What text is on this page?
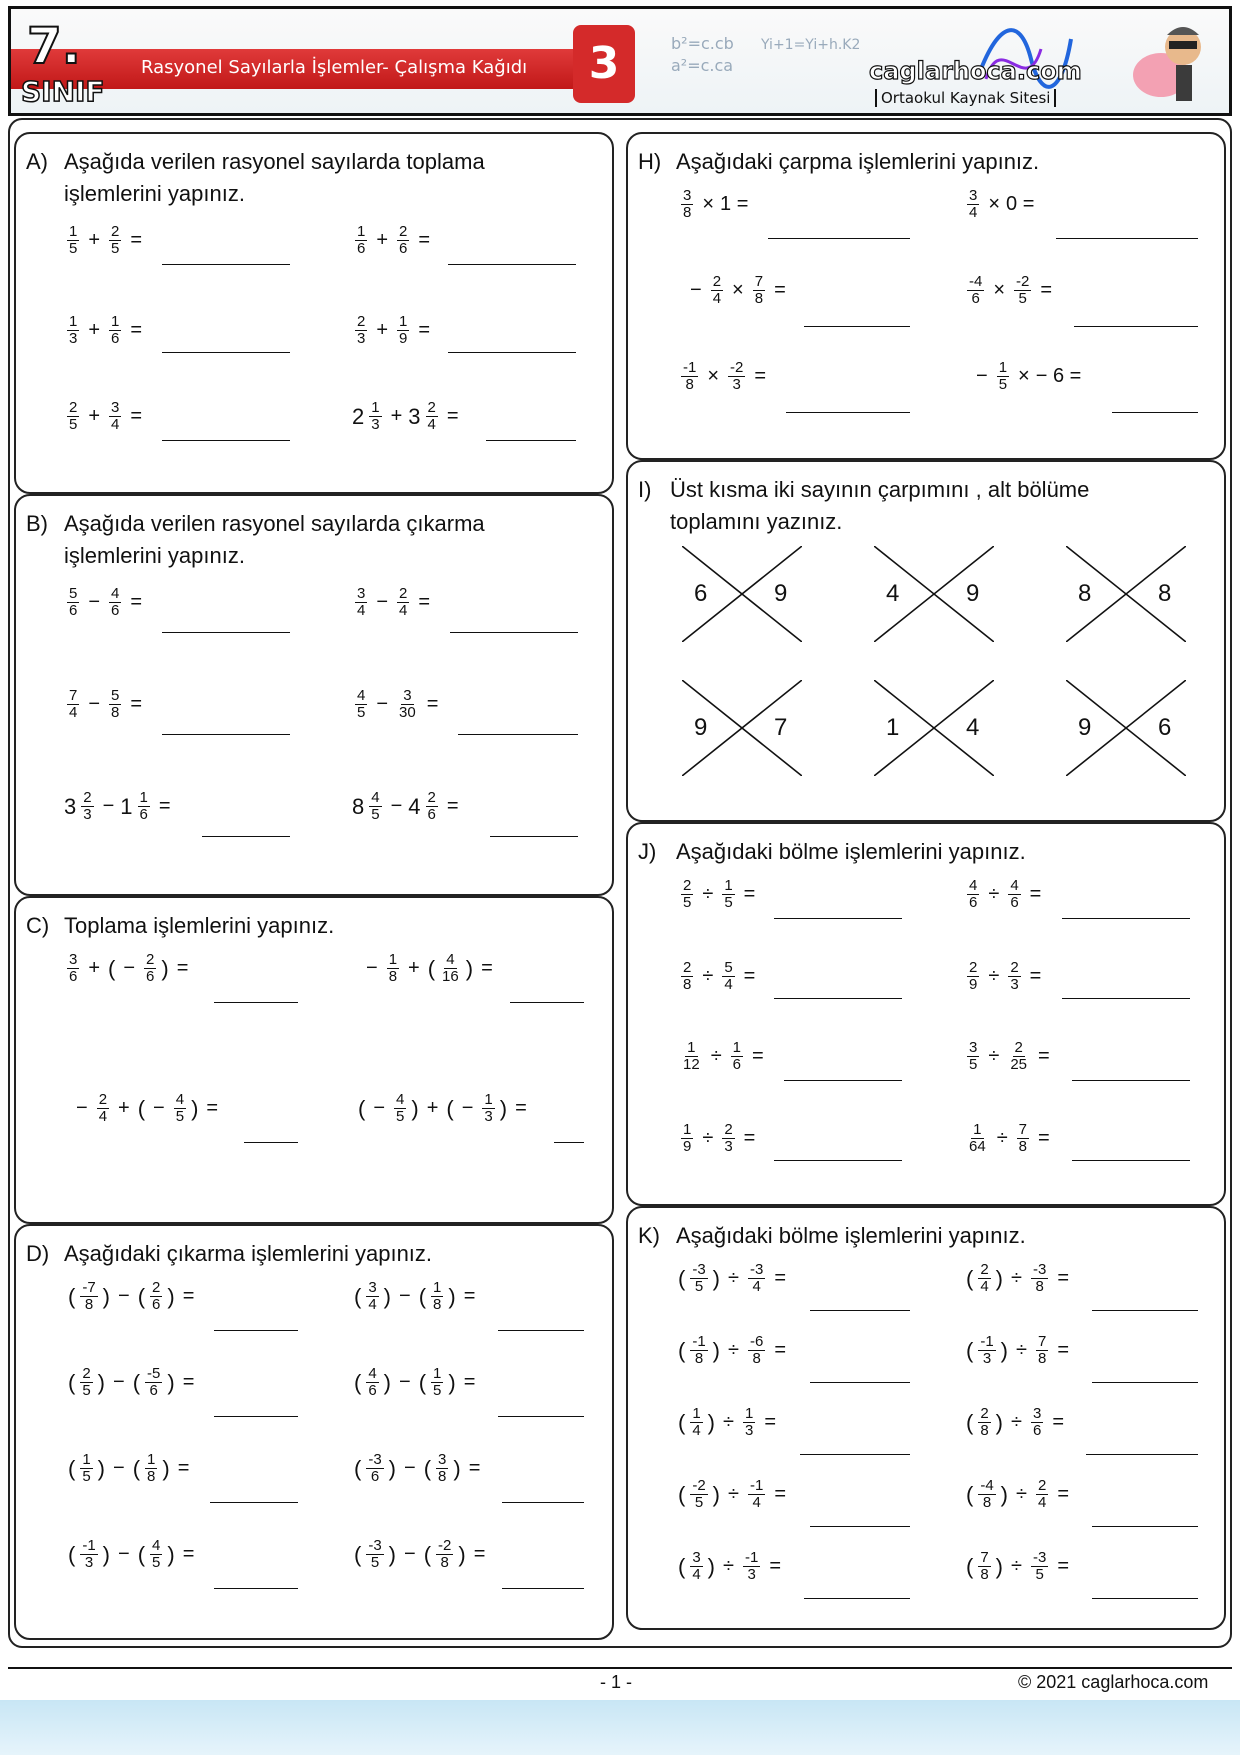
7.
SINIF
Rasyonel Sayılarla İşlemler- Çalışma Kağıdı	3	b²=c.cb
a²=c.ca
Yi+1=Yi+h.K2
caglarhoca.com
Ortaokul Kaynak Sitesi
A) Aşağıda verilen rasyonel sayılarda toplama işlemlerini yapınız.
$\frac{1}{5} + \frac{2}{5}$ =	$\frac{1}{6} + \frac{2}{6}$ =
$\frac{1}{3} + \frac{1}{6}$ =	$\frac{2}{3} + \frac{1}{9}$ =
$\frac{2}{5} + \frac{3}{4}$ =	$2 \frac{1}{3} + 3 \frac{2}{4}$ =
B) Aşağıda verilen rasyonel sayılarda çıkarma işlemlerini yapınız.
$\frac{5}{6} - \frac{4}{6}$ =	$\frac{3}{4} - \frac{2}{4}$ =
$\frac{7}{4} - \frac{5}{8}$ =	$\frac{4}{5} - \frac{3}{30}$ =
$3 \frac{2}{3} - 1 \frac{1}{6}$ =	$8 \frac{4}{5} - 4 \frac{2}{6}$ =
C) Toplama işlemlerini yapınız.
$\frac{3}{6}$ + ( − $\frac{2}{6}$ ) =	− $\frac{1}{8}$ + ( $\frac{4}{16}$ ) =
− $\frac{2}{4}$ + ( − $\frac{4}{5}$ ) =	( − $\frac{4}{5}$ ) + ( − $\frac{1}{3}$ ) =
D) Aşağıdaki çıkarma işlemlerini yapınız.
( $\frac{-7}{8}$ ) − ( $\frac{2}{6}$ ) =	( $\frac{3}{4}$ ) − ( $\frac{1}{8}$ ) =
( $\frac{2}{5}$ ) − ( $\frac{-5}{6}$ ) =	( $\frac{4}{6}$ ) − ( $\frac{1}{5}$ ) =
( $\frac{1}{5}$ ) − ( $\frac{1}{8}$ ) =	( $\frac{-3}{6}$ ) − ( $\frac{3}{8}$ ) =
( $\frac{-1}{3}$ ) − ( $\frac{4}{5}$ ) =	( $\frac{-3}{5}$ ) − ( $\frac{-2}{8}$ ) =
H) Aşağıdaki çarpma işlemlerini yapınız.
$\frac{3}{8} \times 1$ =	$\frac{3}{4} \times 0$ =
− $\frac{2}{4} \times \frac{7}{8}$ =	$\frac{-4}{6} \times \frac{-2}{5}$ =
$\frac{-1}{8} \times \frac{-2}{3}$ =	− $\frac{1}{5}$ × − 6 =
I) Üst kısma iki sayının çarpımını , alt bölüme toplamını yazınız.
6	9	4	9	8	8
9	7	1	4	9	6
J) Aşağıdaki bölme işlemlerini yapınız.
$\frac{2}{5} \div \frac{1}{5}$ =	$\frac{4}{6} \div \frac{4}{6}$ =
$\frac{2}{8} \div \frac{5}{4}$ =	$\frac{2}{9} \div \frac{2}{3}$ =
$\frac{1}{12} \div \frac{1}{6}$ =	$\frac{3}{5} \div \frac{2}{25}$ =
$\frac{1}{9} \div \frac{2}{3}$ =	$\frac{1}{64} \div \frac{7}{8}$ =
K) Aşağıdaki bölme işlemlerini yapınız.
( $\frac{-3}{5}$ ) ÷ $\frac{-3}{4}$ =	( $\frac{2}{4}$ ) ÷ $\frac{-3}{8}$ =
( $\frac{-1}{8}$ ) ÷ $\frac{-6}{8}$ =	( $\frac{-1}{3}$ ) ÷ $\frac{7}{8}$ =
( $\frac{1}{4}$ ) ÷ $\frac{1}{3}$ =	( $\frac{2}{8}$ ) ÷ $\frac{3}{6}$ =
( $\frac{-2}{5}$ ) ÷ $\frac{-1}{4}$ =	( $\frac{-4}{8}$ ) ÷ $\frac{2}{4}$ =
( $\frac{3}{4}$ ) ÷ $\frac{-1}{3}$ =	( $\frac{7}{8}$ ) ÷ $\frac{-3}{5}$ =
- 1 -	© 2021 caglarhoca.com
